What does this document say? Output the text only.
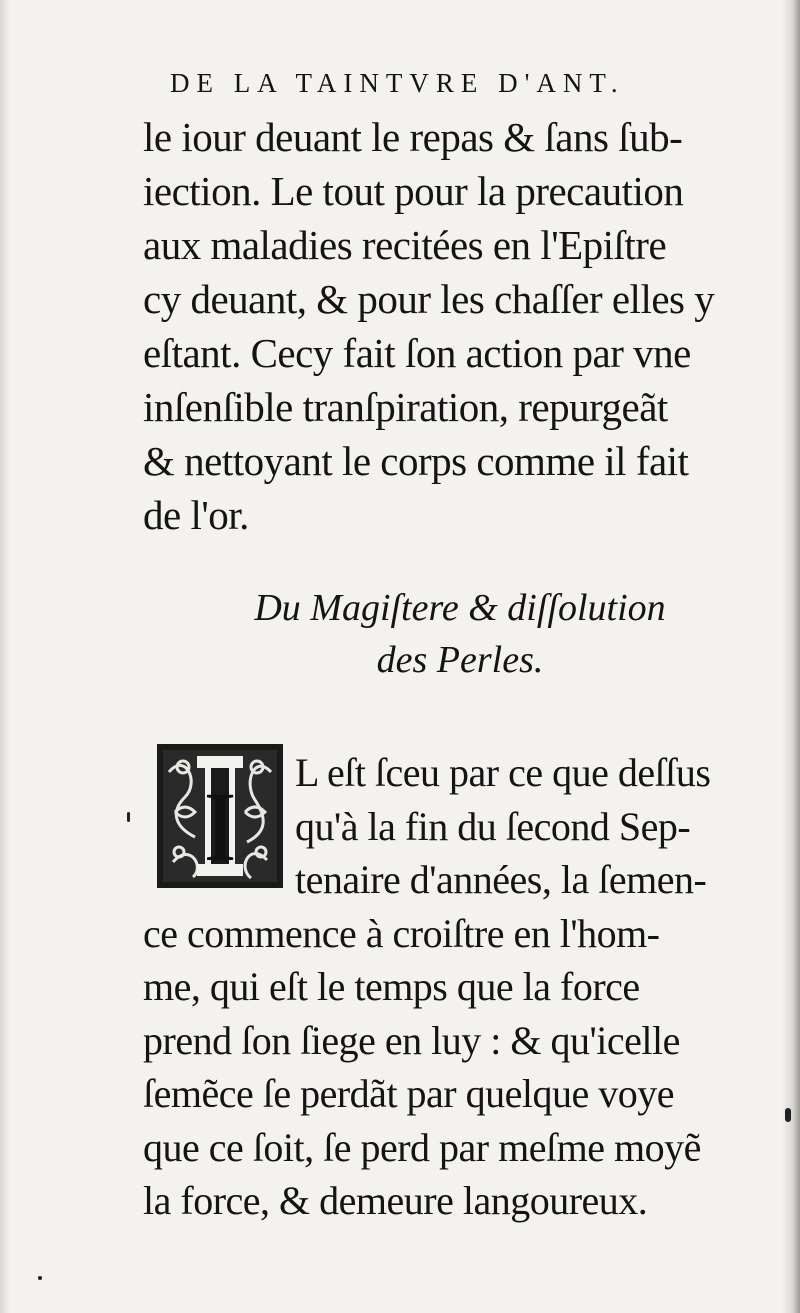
DE LA TAINTVRE D'ANT.
le iour deuant le repas & ſans ſub-
iection. Le tout pour la precaution
aux maladies recitées en l'Epiſtre
cy deuant, & pour les chaſſer elles y
eſtant. Cecy fait ſon action par vne
inſenſible tranſpiration, repurgeãt
& nettoyant le corps comme il fait
de l'or.
Du Magiſtere & diſſolution
des Perles.
I	L eſt ſceu par ce que deſſus
qu'à la fin du ſecond Sep-
tenaire d'années, la ſemen-
ce commence à croiſtre en l'hom-
me, qui eſt le temps que la force
prend ſon ſiege en luy : & qu'icelle
ſemẽce ſe perdãt par quelque voye
que ce ſoit, ſe perd par meſme moyẽ
la force, & demeure langoureux.
